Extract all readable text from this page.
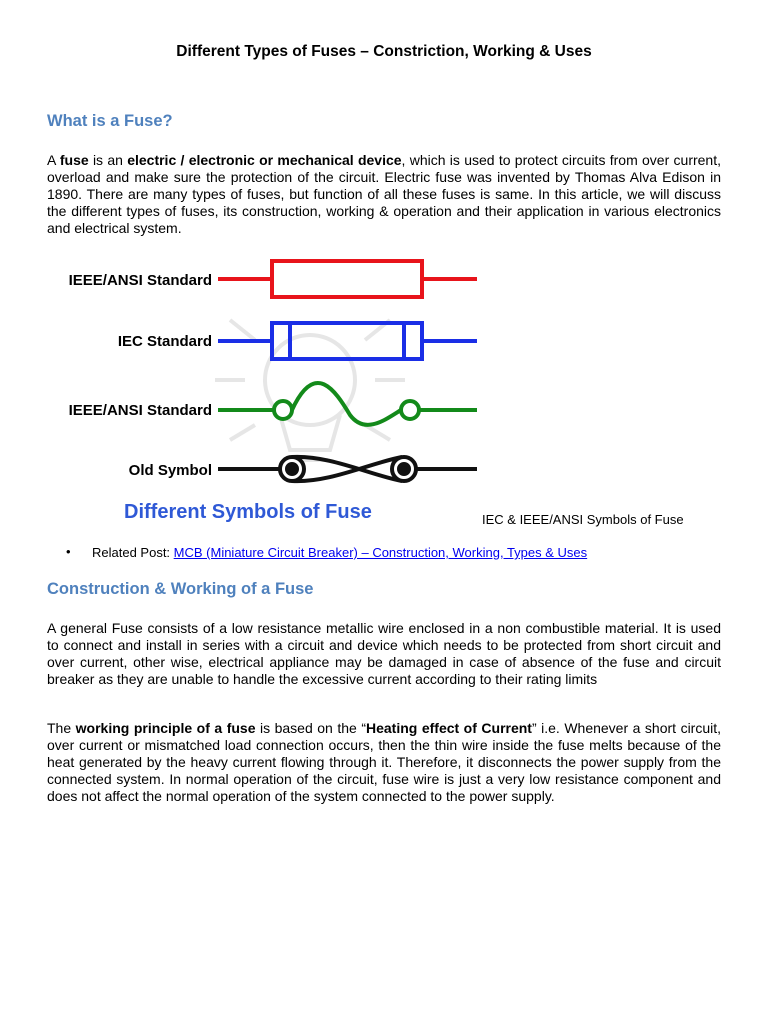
Different Types of Fuses – Constriction, Working & Uses
What is a Fuse?

A fuse is an electric / electronic or mechanical device, which is used to protect circuits from over current, overload and make sure the protection of the circuit. Electric fuse was invented by Thomas Alva Edison in 1890. There are many types of fuses, but function of all these fuses is same. In this article, we will discuss the different types of fuses, its construction, working & operation and their application in various electronics and electrical system.

IEEE/ANSI Standard
IEC Standard
IEEE/ANSI Standard
Old Symbol
Different Symbols of Fuse	IEC & IEEE/ANSI Symbols of Fuse
• Related Post: MCB (Miniature Circuit Breaker) – Construction, Working, Types & Uses
Construction & Working of a Fuse

A general Fuse consists of a low resistance metallic wire enclosed in a non combustible material. It is used to connect and install in series with a circuit and device which needs to be protected from short circuit and over current, other wise, electrical appliance may be damaged in case of absence of the fuse and circuit breaker as they are unable to handle the excessive current according to their rating limits

The working principle of a fuse is based on the “Heating effect of Current” i.e. Whenever a short circuit, over current or mismatched load connection occurs, then the thin wire inside the fuse melts because of the heat generated by the heavy current flowing through it. Therefore, it disconnects the power supply from the connected system. In normal operation of the circuit, fuse wire is just a very low resistance component and does not affect the normal operation of the system connected to the power supply.
